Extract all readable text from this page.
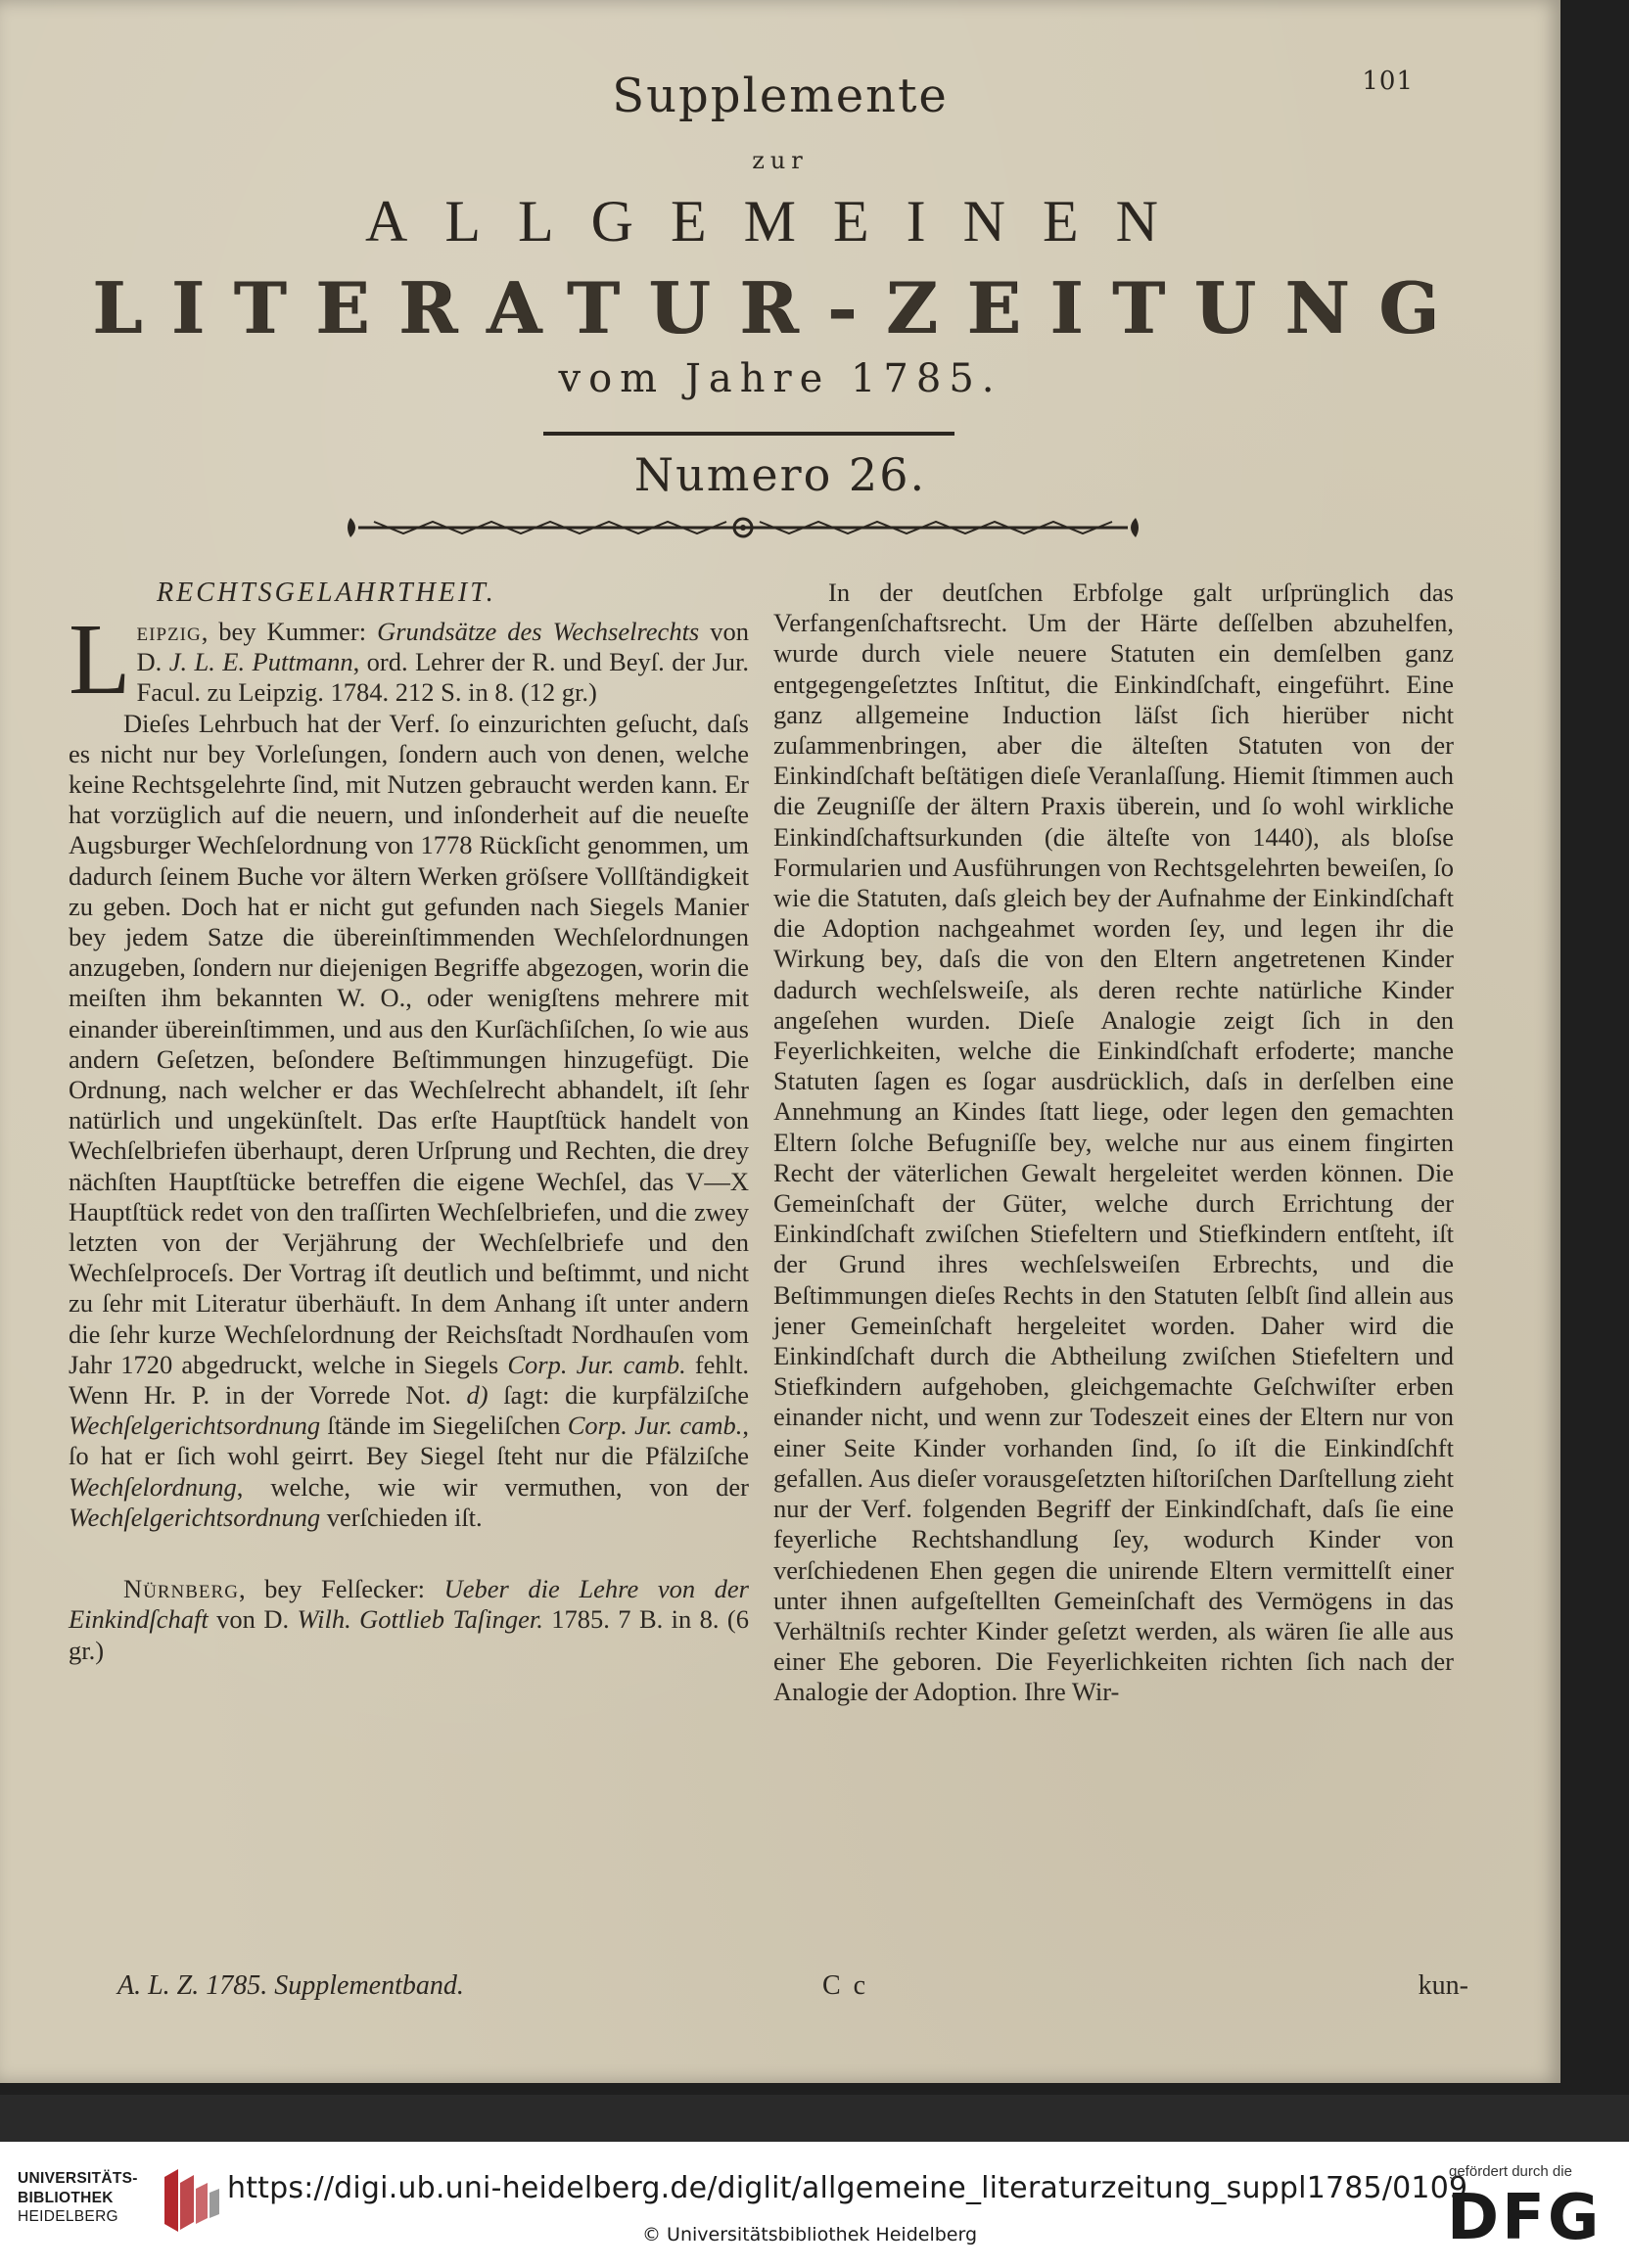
101
Supplemente
zur
ALLGEMEINEN
LITERATUR-ZEITUNG
vom Jahre 1785.
Numero 26.
RECHTSGELAHRTHEIT.

Leipzig, bey Kummer: Grundsätze des Wechselrechts von D. J. L. E. Puttmann, ord. Lehrer der R. und Beyſ. der Jur. Facul. zu Leipzig. 1784. 212 S. in 8. (12 gr.)

Dieſes Lehrbuch hat der Verf. ſo einzurichten geſucht, daſs es nicht nur bey Vorleſungen, ſondern auch von denen, welche keine Rechtsgelehrte ſind, mit Nutzen gebraucht werden kann. Er hat vorzüglich auf die neuern, und inſonderheit auf die neueſte Augsburger Wechſelordnung von 1778 Rückſicht genommen, um dadurch ſeinem Buche vor ältern Werken gröſsere Vollſtändigkeit zu geben. Doch hat er nicht gut gefunden nach Siegels Manier bey jedem Satze die übereinſtimmenden Wechſelordnungen anzugeben, ſondern nur diejenigen Begriffe abgezogen, worin die meiſten ihm bekannten W. O., oder wenigſtens mehrere mit einander übereinſtimmen, und aus den Kurſächſiſchen, ſo wie aus andern Geſetzen, beſondere Beſtimmungen hinzugefügt. Die Ordnung, nach welcher er das Wechſelrecht abhandelt, iſt ſehr natürlich und ungekünſtelt. Das erſte Hauptſtück handelt von Wechſelbriefen überhaupt, deren Urſprung und Rechten, die drey nächſten Hauptſtücke betreffen die eigene Wechſel, das V—X Hauptſtück redet von den traſſirten Wechſelbriefen, und die zwey letzten von der Verjährung der Wechſelbriefe und den Wechſelproceſs. Der Vortrag iſt deutlich und beſtimmt, und nicht zu ſehr mit Literatur überhäuft. In dem Anhang iſt unter andern die ſehr kurze Wechſelordnung der Reichsſtadt Nordhauſen vom Jahr 1720 abgedruckt, welche in Siegels Corp. Jur. camb. fehlt. Wenn Hr. P. in der Vorrede Not. d) ſagt: die kurpfälziſche Wechſelgerichtsordnung ſtände im Siegeliſchen Corp. Jur. camb., ſo hat er ſich wohl geirrt. Bey Siegel ſteht nur die Pfälziſche Wechſelordnung, welche, wie wir vermuthen, von der Wechſelgerichtsordnung verſchieden iſt.

Nürnberg, bey Felſecker: Ueber die Lehre von der Einkindſchaft von D. Wilh. Gottlieb Taſinger. 1785. 7 B. in 8. (6 gr.)

In der deutſchen Erbfolge galt urſprünglich das Verfangenſchaftsrecht. Um der Härte deſſelben abzuhelfen, wurde durch viele neuere Statuten ein demſelben ganz entgegengeſetztes Inſtitut, die Einkindſchaft, eingeführt. Eine ganz allgemeine Induction läſst ſich hierüber nicht zuſammenbringen, aber die älteſten Statuten von der Einkindſchaft beſtätigen dieſe Veranlaſſung. Hiemit ſtimmen auch die Zeugniſſe der ältern Praxis überein, und ſo wohl wirkliche Einkindſchaftsurkunden (die älteſte von 1440), als bloſse Formularien und Ausführungen von Rechtsgelehrten beweiſen, ſo wie die Statuten, daſs gleich bey der Aufnahme der Einkindſchaft die Adoption nachgeahmet worden ſey, und legen ihr die Wirkung bey, daſs die von den Eltern angetretenen Kinder dadurch wechſelsweiſe, als deren rechte natürliche Kinder angeſehen wurden. Dieſe Analogie zeigt ſich in den Feyerlichkeiten, welche die Einkindſchaft erfoderte; manche Statuten ſagen es ſogar ausdrücklich, daſs in derſelben eine Annehmung an Kindes ſtatt liege, oder legen den gemachten Eltern ſolche Befugniſſe bey, welche nur aus einem fingirten Recht der väterlichen Gewalt hergeleitet werden können. Die Gemeinſchaft der Güter, welche durch Errichtung der Einkindſchaft zwiſchen Stiefeltern und Stiefkindern entſteht, iſt der Grund ihres wechſelsweiſen Erbrechts, und die Beſtimmungen dieſes Rechts in den Statuten ſelbſt ſind allein aus jener Gemeinſchaft hergeleitet worden. Daher wird die Einkindſchaft durch die Abtheilung zwiſchen Stiefeltern und Stiefkindern aufgehoben, gleichgemachte Geſchwiſter erben einander nicht, und wenn zur Todeszeit eines der Eltern nur von einer Seite Kinder vorhanden ſind, ſo iſt die Einkindſchft gefallen. Aus dieſer vorausgeſetzten hiſtoriſchen Darſtellung zieht nur der Verf. folgenden Begriff der Einkindſchaft, daſs ſie eine feyerliche Rechtshandlung ſey, wodurch Kinder von verſchiedenen Ehen gegen die unirende Eltern vermittelſt einer unter ihnen aufgeſtellten Gemeinſchaft des Vermögens in das Verhältniſs rechter Kinder geſetzt werden, als wären ſie alle aus einer Ehe geboren. Die Feyerlichkeiten richten ſich nach der Analogie der Adoption. Ihre Wir-

A. L. Z. 1785. Supplementband.	C c	kun-
UNIVERSITÄTS-
BIBLIOTHEK
HEIDELBERG
https://digi.ub.uni-heidelberg.de/diglit/allgemeine_literaturzeitung_suppl1785/0109
© Universitätsbibliothek Heidelberg
gefördert durch die
DFG
